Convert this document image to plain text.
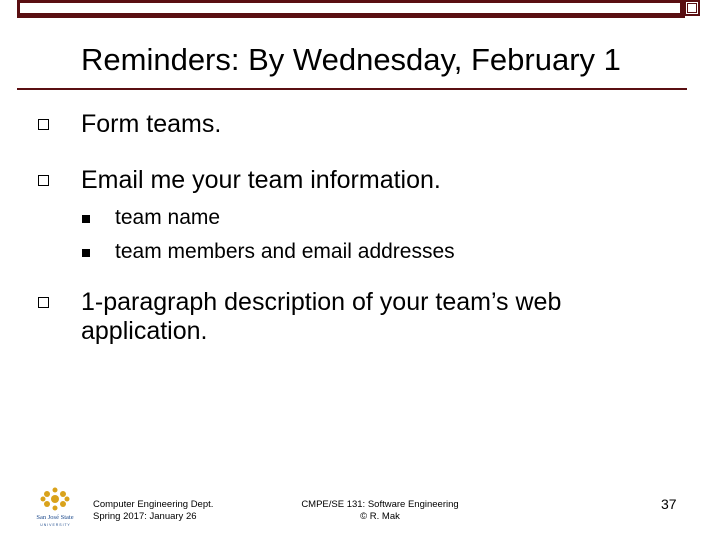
Reminders: By Wednesday, February 1
Form teams.
Email me your team information.
team name
team members and email addresses
1-paragraph description of your team’s web application.
San José State
U N I V E R S I T Y
Computer Engineering Dept.
Spring 2017: January 26
CMPE/SE 131: Software Engineering
© R. Mak
37
